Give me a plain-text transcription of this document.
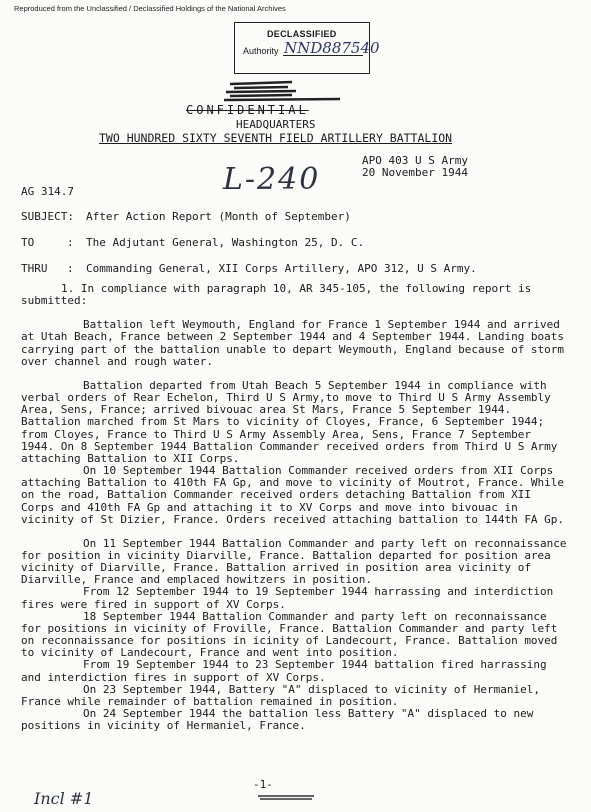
Reproduced from the Unclassified / Declassified Holdings of the National Archives
DECLASSIFIED
Authority NND887540
CONFIDENTIAL
HEADQUARTERS
TWO HUNDRED SIXTY SEVENTH FIELD ARTILLERY BATTALION
APO 403 U S Army
20 November 1944
L-240

AG 314.7
SUBJECT: After Action Report (Month of September)
TO	: The Adjutant General, Washington 25, D. C.
THRU : Commanding General, XII Corps Artillery, APO 312, U S Army.

1. In compliance with paragraph 10, AR 345-105, the following report is submitted:

Battalion left Weymouth, England for France 1 September 1944 and arrived at Utah Beach, France between 2 September 1944 and 4 September 1944. Landing boats carrying part of the battalion unable to depart Weymouth, England because of storm over channel and rough water.

Battalion departed from Utah Beach 5 September 1944 in compliance with verbal orders of Rear Echelon, Third U S Army,to move to Third U S Army Assembly Area, Sens, France; arrived bivouac area St Mars, France 5 September 1944. Battalion marched from St Mars to vicinity of Cloyes, France, 6 September 1944; from Cloyes, France to Third U S Army Assembly Area, Sens, France 7 September 1944. On 8 September 1944 Battalion Commander received orders from Third U S Army attaching Battalion to XII Corps.

On 10 September 1944 Battalion Commander received orders from XII Corps attaching Battalion to 410th FA Gp, and move to vicinity of Moutrot, France. While on the road, Battalion Commander received orders detaching Battalion from XII Corps and 410th FA Gp and attaching it to XV Corps and move into bivouac in vicinity of St Dizier, France. Orders received attaching battalion to 144th FA Gp.

On 11 September 1944 Battalion Commander and party left on reconnaissance for position in vicinity Diarville, France. Battalion departed for position area vicinity of Diarville, France. Battalion arrived in position area vicinity of Diarville, France and emplaced howitzers in position.

From 12 September 1944 to 19 September 1944 harrassing and interdiction fires were fired in support of XV Corps.

18 September 1944 Battalion Commander and party left on reconnaissance for positions in vicinity of Froville, France. Battalion Commander and party left on reconnaissance for positions in icinity of Landecourt, France. Battalion moved to vicinity of Landecourt, France and went into position.

From 19 September 1944 to 23 September 1944 battalion fired harrassing and interdiction fires in support of XV Corps.

On 23 September 1944, Battery "A" displaced to vicinity of Hermaniel, France while remainder of battalion remained in position.

On 24 September 1944 the battalion less Battery "A" displaced to new positions in vicinity of Hermaniel, France.

-1-
Incl #1
